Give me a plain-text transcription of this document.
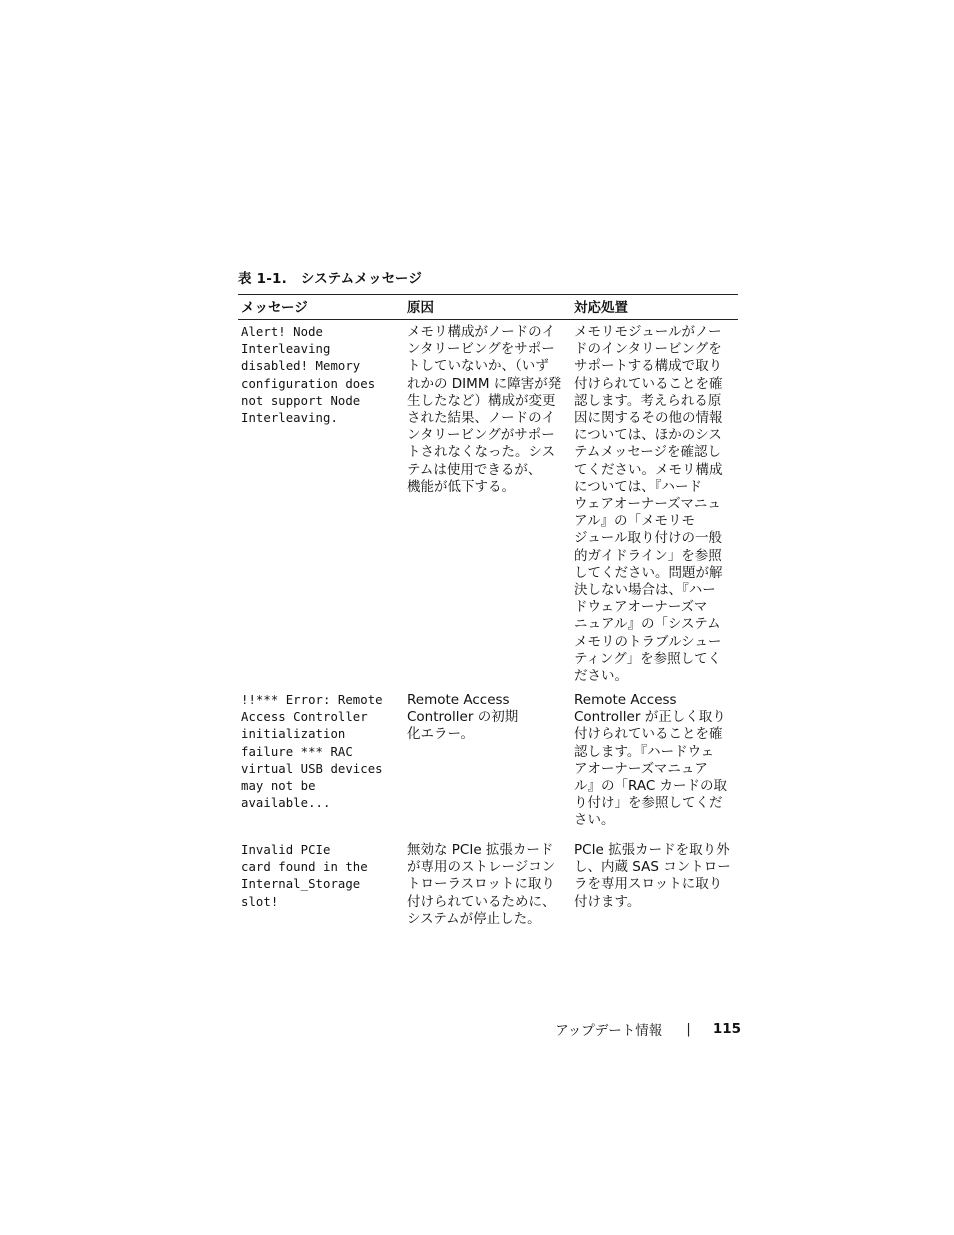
表 1-1. システムメッセージ
メッセージ	原因	対応処置
Alert! Node
Interleaving
disabled! Memory
configuration does
not support Node
Interleaving.
メモリ構成がノードのイ
ンタリービングをサポー
トしていないか、（いず
れかの DIMM に障害が発
生したなど）構成が変更
された結果、ノードのイ
ンタリービングがサポー
トされなくなった。シス
テムは使用できるが、
機能が低下する。
メモリモジュールがノー
ドのインタリービングを
サポートする構成で取り
付けられていることを確
認します。考えられる原
因に関するその他の情報
については、ほかのシス
テムメッセージを確認し
てください。メモリ構成
については、『ハード
ウェアオーナーズマニュ
アル』の「メモリモ
ジュール取り付けの一般
的ガイドライン」を参照
してください。問題が解
決しない場合は、『ハー
ドウェアオーナーズマ
ニュアル』の「システム
メモリのトラブルシュー
ティング」を参照してく
ださい。
!!*** Error: Remote
Access Controller
initialization
failure *** RAC
virtual USB devices
may not be
available...
Remote Access
Controller の初期
化エラー。
Remote Access
Controller が正しく取り
付けられていることを確
認します。『ハードウェ
アオーナーズマニュア
ル』の「RAC カードの取
り付け」を参照してくだ
さい。
Invalid PCIe
card found in the
Internal_Storage
slot!
無効な PCIe 拡張カード
が専用のストレージコン
トローラスロットに取り
付けられているために、
システムが停止した。
PCIe 拡張カードを取り外
し、内蔵 SAS コントロー
ラを専用スロットに取り
付けます。
アップデート情報 | 115
